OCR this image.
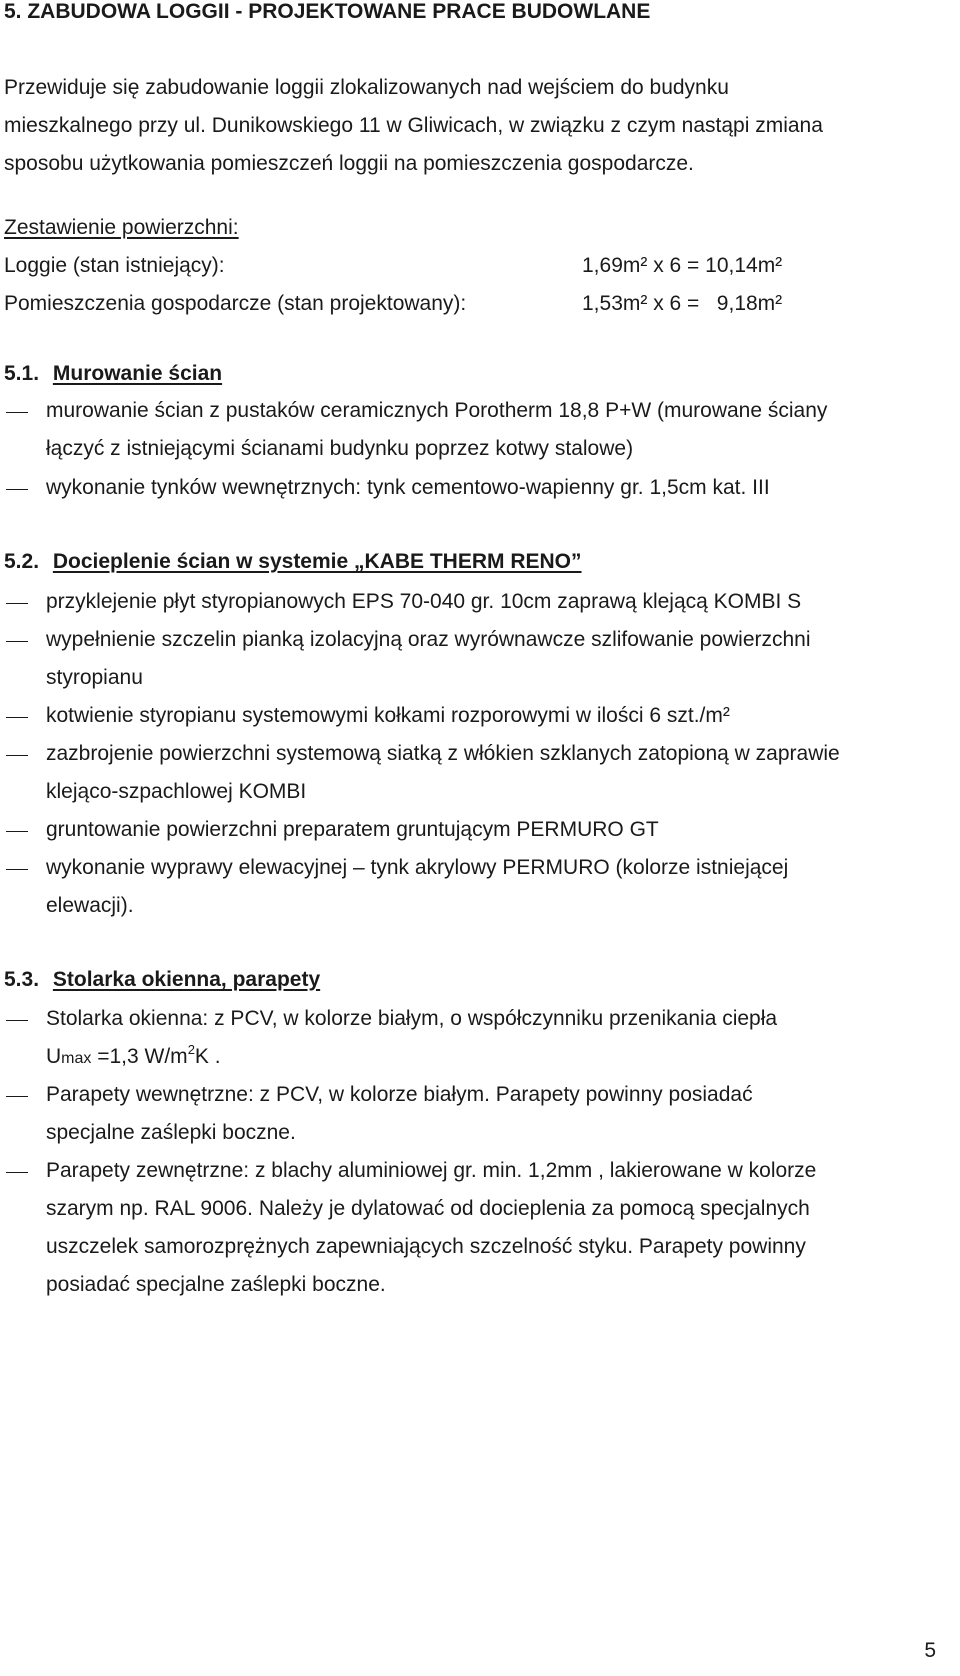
5. ZABUDOWA LOGGII - PROJEKTOWANE PRACE BUDOWLANE
Przewiduje się zabudowanie loggii zlokalizowanych nad wejściem do budynku
mieszkalnego przy ul. Dunikowskiego 11 w Gliwicach, w związku z czym nastąpi zmiana
sposobu użytkowania pomieszczeń loggii na pomieszczenia gospodarcze.
Zestawienie powierzchni:
Loggie (stan istniejący):	1,69m² x 6 = 10,14m²
Pomieszczenia gospodarcze (stan projektowany):	1,53m² x 6 =   9,18m²
5.1. Murowanie ścian
murowanie ścian z pustaków ceramicznych Porotherm 18,8 P+W (murowane ściany
łączyć z istniejącymi ścianami budynku poprzez kotwy stalowe)
wykonanie tynków wewnętrznych: tynk cementowo-wapienny gr. 1,5cm kat. III
5.2. Docieplenie ścian w systemie „KABE THERM RENO”
przyklejenie płyt styropianowych EPS 70-040 gr. 10cm zaprawą klejącą KOMBI S
wypełnienie szczelin pianką izolacyjną oraz wyrównawcze szlifowanie powierzchni
styropianu
kotwienie styropianu systemowymi kołkami rozporowymi w ilości 6 szt./m²
zazbrojenie powierzchni systemową siatką z włókien szklanych zatopioną w zaprawie
klejąco-szpachlowej KOMBI
gruntowanie powierzchni preparatem gruntującym PERMURO GT
wykonanie wyprawy elewacyjnej – tynk akrylowy PERMURO (kolorze istniejącej
elewacji).
5.3. Stolarka okienna, parapety
Stolarka okienna: z PCV, w kolorze białym, o współczynniku przenikania ciepła
Umax =1,3 $W/m^2K$ .
Parapety wewnętrzne: z PCV, w kolorze białym. Parapety powinny posiadać
specjalne zaślepki boczne.
Parapety zewnętrzne: z blachy aluminiowej gr. min. 1,2mm , lakierowane w kolorze
szarym np. RAL 9006. Należy je dylatować od docieplenia za pomocą specjalnych
uszczelek samorozprężnych zapewniających szczelność styku. Parapety powinny
posiadać specjalne zaślepki boczne.
5
